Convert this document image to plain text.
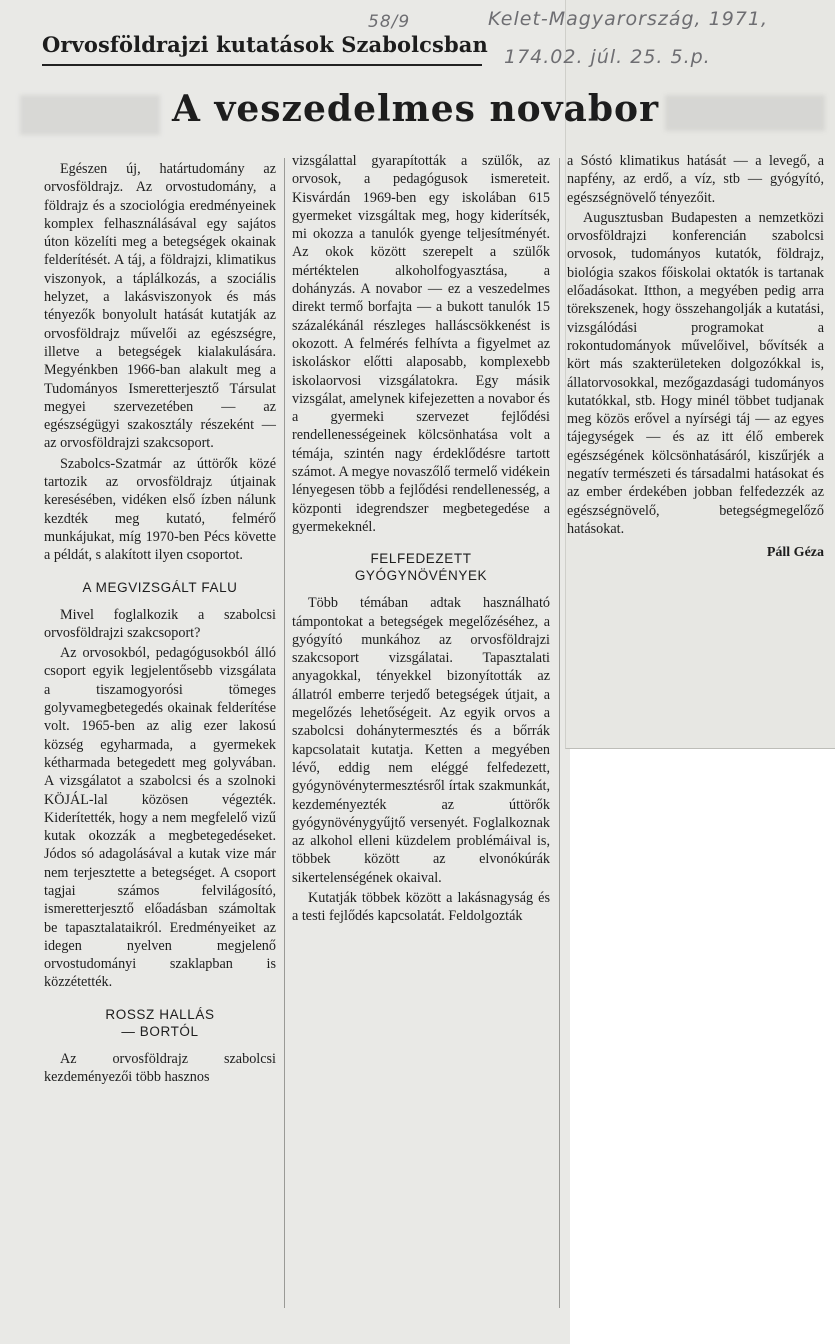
58/9	Kelet-Magyarország, 1971,
174.02. júl. 25. 5.p.
Orvosföldrajzi kutatások Szabolcsban
A veszedelmes novabor

Egészen új, határtudomány az orvosföldrajz. Az orvostudomány, a földrajz és a szociológia eredményeinek komplex felhasználásával egy sajátos úton közelíti meg a betegségek okainak felderítését. A táj, a földrajzi, klimatikus viszonyok, a táplálkozás, a szociális helyzet, a lakásviszonyok és más tényezők bonyolult hatását kutatják az orvosföldrajz művelői az egészségre, illetve a betegségek kialakulására. Megyénkben 1966-ban alakult meg a Tudományos Ismeretterjesztő Társulat megyei szervezetében — az egészségügyi szakosztály részeként — az orvosföldrajzi szakcsoport.

Szabolcs-Szatmár az úttörők közé tartozik az orvosföldrajz útjainak keresésében, vidéken első ízben nálunk kezdték meg kutató, felmérő munkájukat, míg 1970-ben Pécs követte a példát, s alakított ilyen csoportot.

A MEGVIZSGÁLT FALU

Mivel foglalkozik a szabolcsi orvosföldrajzi szakcsoport?

Az orvosokból, pedagógusokból álló csoport egyik legjelentősebb vizsgálata a tiszamogyorósi tömeges golyvamegbetegedés okainak felderítése volt. 1965-ben az alig ezer lakosú község egyharmada, a gyermekek kétharmada betegedett meg golyvában. A vizsgálatot a szabolcsi és a szolnoki KÖJÁL-lal közösen végezték. Kiderítették, hogy a nem megfelelő vizű kutak okozzák a megbetegedéseket. Jódos só adagolásával a kutak vize már nem terjesztette a betegséget. A csoport tagjai számos felvilágosító, ismeretterjesztő előadásban számoltak be tapasztalataikról. Eredményeiket az idegen nyelven megjelenő orvostudományi szaklapban is közzétették.

ROSSZ HALLÁS
— BORTÓL

Az orvosföldrajz szabolcsi kezdeményezői több hasznos

vizsgálattal gyarapították a szülők, az orvosok, a pedagógusok ismereteit. Kisvárdán 1969-ben egy iskolában 615 gyermeket vizsgáltak meg, hogy kiderítsék, mi okozza a tanulók gyenge teljesítményét. Az okok között szerepelt a szülők mértéktelen alkoholfogyasztása, a dohányzás. A novabor — ez a veszedelmes direkt termő borfajta — a bukott tanulók 15 százalékánál részleges halláscsökkenést is okozott. A felmérés felhívta a figyelmet az iskoláskor előtti alaposabb, komplexebb iskolaorvosi vizsgálatokra. Egy másik vizsgálat, amelynek kifejezetten a novabor és a gyermeki szervezet fejlődési rendellenességeinek kölcsönhatása volt a témája, szintén nagy érdeklődésre tartott számot. A megye novaszőlő termelő vidékein lényegesen több a fejlődési rendellenesség, a központi idegrendszer megbetegedése a gyermekeknél.

FELFEDEZETT
GYÓGYNÖVÉNYEK

Több témában adtak használható támpontokat a betegségek megelőzéséhez, a gyógyító munkához az orvosföldrajzi szakcsoport vizsgálatai. Tapasztalati anyagokkal, tényekkel bizonyították az állatról emberre terjedő betegségek útjait, a megelőzés lehetőségeit. Az egyik orvos a szabolcsi dohánytermesztés és a bőrrák kapcsolatait kutatja. Ketten a megyében lévő, eddig nem eléggé felfedezett, gyógynövénytermesztésről írtak szakmunkát, kezdeményezték az úttörők gyógynövénygyűjtő versenyét. Foglalkoznak az alkohol elleni küzdelem problémáival is, többek között az elvonókúrák sikertelenségének okaival.

Kutatják többek között a lakásnagyság és a testi fejlődés kapcsolatát. Feldolgozták

a Sóstó klimatikus hatását — a levegő, a napfény, az erdő, a víz, stb — gyógyító, egészségnövelő tényezőit.

Augusztusban Budapesten a nemzetközi orvosföldrajzi konferencián szabolcsi orvosok, tudományos kutatók, földrajz, biológia szakos főiskolai oktatók is tartanak előadásokat. Itthon, a megyében pedig arra törekszenek, hogy összehangolják a kutatási, vizsgálódási programokat a rokontudományok művelőivel, bővítsék a kört más szakterületeken dolgozókkal is, állatorvosokkal, mezőgazdasági tudományos kutatókkal, stb. Hogy minél többet tudjanak meg közös erővel a nyírségi táj — az egyes tájegységek — és az itt élő emberek egészségének kölcsönhatásáról, kiszűrjék a negatív természeti és társadalmi hatásokat és az ember érdekében jobban felfedezzék az egészségnövelő, betegségmegelőző hatásokat.

Páll Géza
